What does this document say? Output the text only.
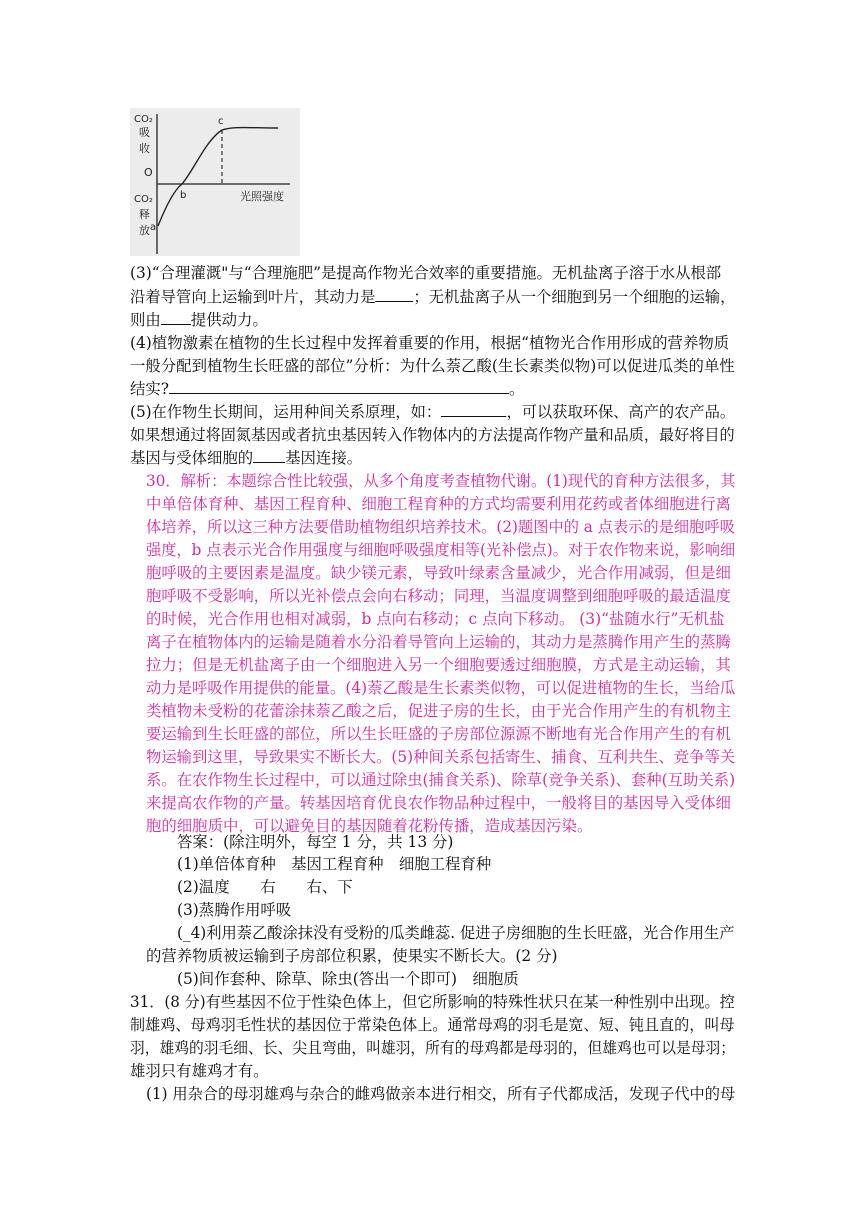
CO₂
吸
收
O
CO₂
释
放 a
b
c
光照强度
(3)“合理灌溉"与“合理施肥”是提高作物光合效率的重要措施。无机盐离子溶于水从根部
沿着导管向上运输到叶片，其动力是 ；无机盐离子从一个细胞到另一个细胞的运输，
则由 提供动力。
(4)植物激素在植物的生长过程中发挥着重要的作用，根据“植物光合作用形成的营养物质
一般分配到植物生长旺盛的部位”分析：为什么萘乙酸(生长素类似物)可以促进瓜类的单性
结实?	。
(5)在作物生长期间，运用种间关系原理，如：	，可以获取环保、高产的农产品。
如果想通过将固氮基因或者抗虫基因转入作物体内的方法提高作物产量和品质，最好将目的
基因与受体细胞的 基因连接。
30．解析：本题综合性比较强，从多个角度考查植物代谢。(1)现代的育种方法很多，其
中单倍体育种、基因工程育种、细胞工程育种的方式均需要利用花药或者体细胞进行离
体培养，所以这三种方法要借助植物组织培养技术。(2)题图中的 a 点表示的是细胞呼吸
强度，b 点表示光合作用强度与细胞呼吸强度相等(光补偿点)。对于农作物来说，影响细
胞呼吸的主要因素是温度。缺少镁元素，导致叶绿素含量减少，光合作用减弱，但是细
胞呼吸不受影响，所以光补偿点会向右移动；同理，当温度调整到细胞呼吸的最适温度
的时候，光合作用也相对减弱，b 点向右移动；c 点向下移动。 (3)“盐随水行”无机盐
离子在植物体内的运输是随着水分沿着导管向上运输的，其动力是蒸腾作用产生的蒸腾
拉力；但是无机盐离子由一个细胞进入另一个细胞要透过细胞膜，方式是主动运输，其
动力是呼吸作用提供的能量。(4)萘乙酸是生长素类似物，可以促进植物的生长，当给瓜
类植物未受粉的花蕾涂抹萘乙酸之后，促进子房的生长，由于光合作用产生的有机物主
要运输到生长旺盛的部位，所以生长旺盛的子房部位源源不断地有光合作用产生的有机
物运输到这里，导致果实不断长大。(5)种间关系包括寄生、捕食、互利共生、竞争等关
系。在农作物生长过程中，可以通过除虫(捕食关系)、除草(竞争关系)、套种(互助关系)
来提高农作物的产量。转基因培育优良农作物品种过程中，一般将目的基因导入受体细
胞的细胞质中，可以避免目的基因随着花粉传播，造成基因污染。
答案：(除注明外，每空 1 分，共 13 分)
(1)单倍体育种　基因工程育种　细胞工程育种
(2)温度　　右　　右、下
(3)蒸腾作用呼吸
(_4)利用萘乙酸涂抹没有受粉的瓜类雌蕊. 促进子房细胞的生长旺盛，光合作用生产
的营养物质被运输到子房部位积累，使果实不断长大。(2 分)
(5)间作套种、除草、除虫(答出一个即可)　细胞质
31．(8 分)有些基因不位于性染色体上，但它所影响的特殊性状只在某一种性别中出现。控
制雄鸡、母鸡羽毛性状的基因位于常染色体上。通常母鸡的羽毛是宽、短、钝且直的，叫母
羽，雄鸡的羽毛细、长、尖且弯曲，叫雄羽，所有的母鸡都是母羽的，但雄鸡也可以是母羽；
雄羽只有雄鸡才有。
(1) 用杂合的母羽雄鸡与杂合的雌鸡做亲本进行相交，所有子代都成活，发现子代中的母
